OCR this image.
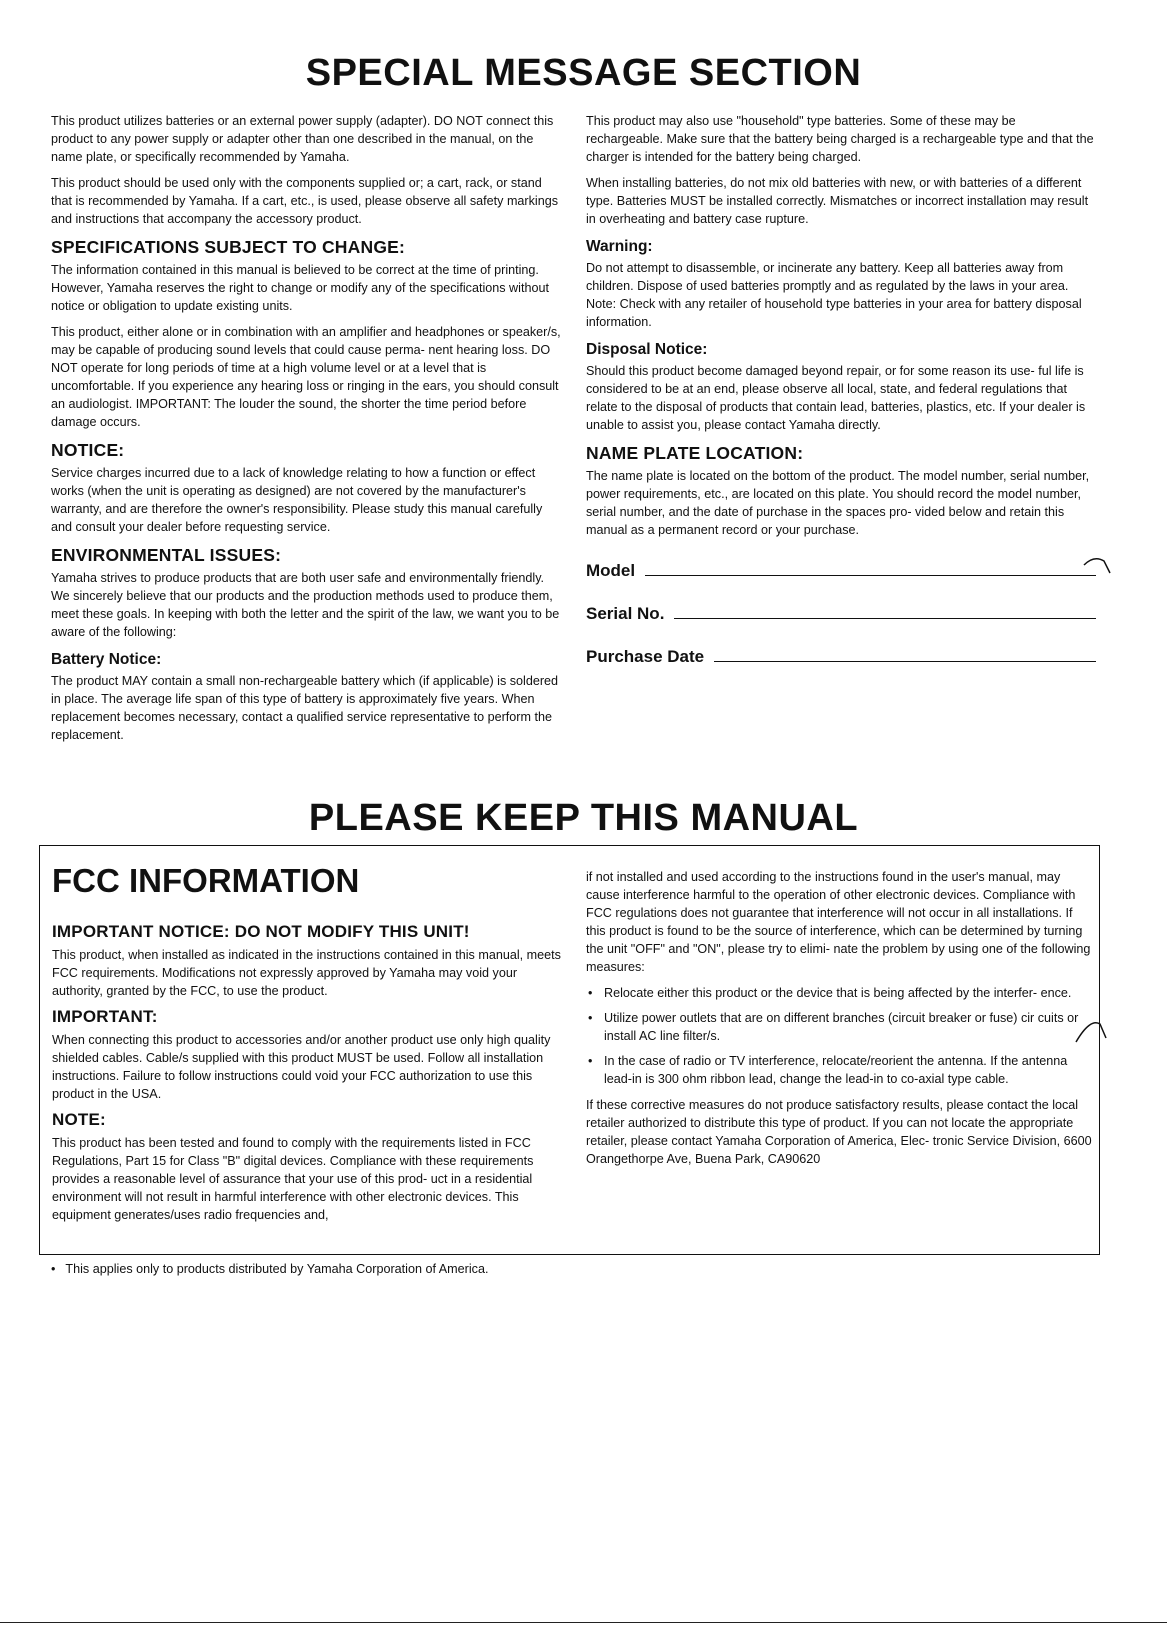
SPECIAL MESSAGE SECTION

This product utilizes batteries or an external power supply (adapter). DO NOT connect this product to any power supply or adapter other than one described in the manual, on the name plate, or specifically recommended by Yamaha.

This product should be used only with the components supplied or; a cart, rack, or stand that is recommended by Yamaha. If a cart, etc., is used, please observe all safety markings and instructions that accompany the accessory product.

SPECIFICATIONS SUBJECT TO CHANGE:

The information contained in this manual is believed to be correct at the time of printing. However, Yamaha reserves the right to change or modify any of the specifications without notice or obligation to update existing units.

This product, either alone or in combination with an amplifier and headphones or speaker/s, may be capable of producing sound levels that could cause perma- nent hearing loss. DO NOT operate for long periods of time at a high volume level or at a level that is uncomfortable. If you experience any hearing loss or ringing in the ears, you should consult an audiologist. IMPORTANT: The louder the sound, the shorter the time period before damage occurs.

NOTICE:

Service charges incurred due to a lack of knowledge relating to how a function or effect works (when the unit is operating as designed) are not covered by the manufacturer's warranty, and are therefore the owner's responsibility. Please study this manual carefully and consult your dealer before requesting service.

ENVIRONMENTAL ISSUES:

Yamaha strives to produce products that are both user safe and environmentally friendly. We sincerely believe that our products and the production methods used to produce them, meet these goals. In keeping with both the letter and the spirit of the law, we want you to be aware of the following:

Battery Notice:

The product MAY contain a small non-rechargeable battery which (if applicable) is soldered in place. The average life span of this type of battery is approximately five years. When replacement becomes necessary, contact a qualified service representative to perform the replacement.

This product may also use "household" type batteries. Some of these may be rechargeable. Make sure that the battery being charged is a rechargeable type and that the charger is intended for the battery being charged.

When installing batteries, do not mix old batteries with new, or with batteries of a different type. Batteries MUST be installed correctly. Mismatches or incorrect installation may result in overheating and battery case rupture.

Warning:

Do not attempt to disassemble, or incinerate any battery. Keep all batteries away from children. Dispose of used batteries promptly and as regulated by the laws in your area. Note: Check with any retailer of household type batteries in your area for battery disposal information.

Disposal Notice:

Should this product become damaged beyond repair, or for some reason its use- ful life is considered to be at an end, please observe all local, state, and federal regulations that relate to the disposal of products that contain lead, batteries, plastics, etc. If your dealer is unable to assist you, please contact Yamaha directly.

NAME PLATE LOCATION:

The name plate is located on the bottom of the product. The model number, serial number, power requirements, etc., are located on this plate. You should record the model number, serial number, and the date of purchase in the spaces pro- vided below and retain this manual as a permanent record or your purchase.

Model
Serial No.
Purchase Date
PLEASE KEEP THIS MANUAL
FCC INFORMATION
IMPORTANT NOTICE: DO NOT MODIFY THIS UNIT!

This product, when installed as indicated in the instructions contained in this manual, meets FCC requirements. Modifications not expressly approved by Yamaha may void your authority, granted by the FCC, to use the product.

IMPORTANT:

When connecting this product to accessories and/or another product use only high quality shielded cables. Cable/s supplied with this product MUST be used. Follow all installation instructions. Failure to follow instructions could void your FCC authorization to use this product in the USA.

NOTE:

This product has been tested and found to comply with the requirements listed in FCC Regulations, Part 15 for Class "B" digital devices. Compliance with these requirements provides a reasonable level of assurance that your use of this prod- uct in a residential environment will not result in harmful interference with other electronic devices. This equipment generates/uses radio frequencies and,

if not installed and used according to the instructions found in the user's manual, may cause interference harmful to the operation of other electronic devices. Compliance with FCC regulations does not guarantee that interference will not occur in all installations. If this product is found to be the source of interference, which can be determined by turning the unit "OFF" and "ON", please try to elimi- nate the problem by using one of the following measures:

• Relocate either this product or the device that is being affected by the interfer- ence.
• Utilize power outlets that are on different branches (circuit breaker or fuse) cir cuits or install AC line filter/s.
• In the case of radio or TV interference, relocate/reorient the antenna. If the antenna lead-in is 300 ohm ribbon lead, change the lead-in to co-axial type cable.

If these corrective measures do not produce satisfactory results, please contact the local retailer authorized to distribute this type of product. If you can not locate the appropriate retailer, please contact Yamaha Corporation of America, Elec- tronic Service Division, 6600 Orangethorpe Ave, Buena Park, CA90620

• This applies only to products distributed by Yamaha Corporation of America.
